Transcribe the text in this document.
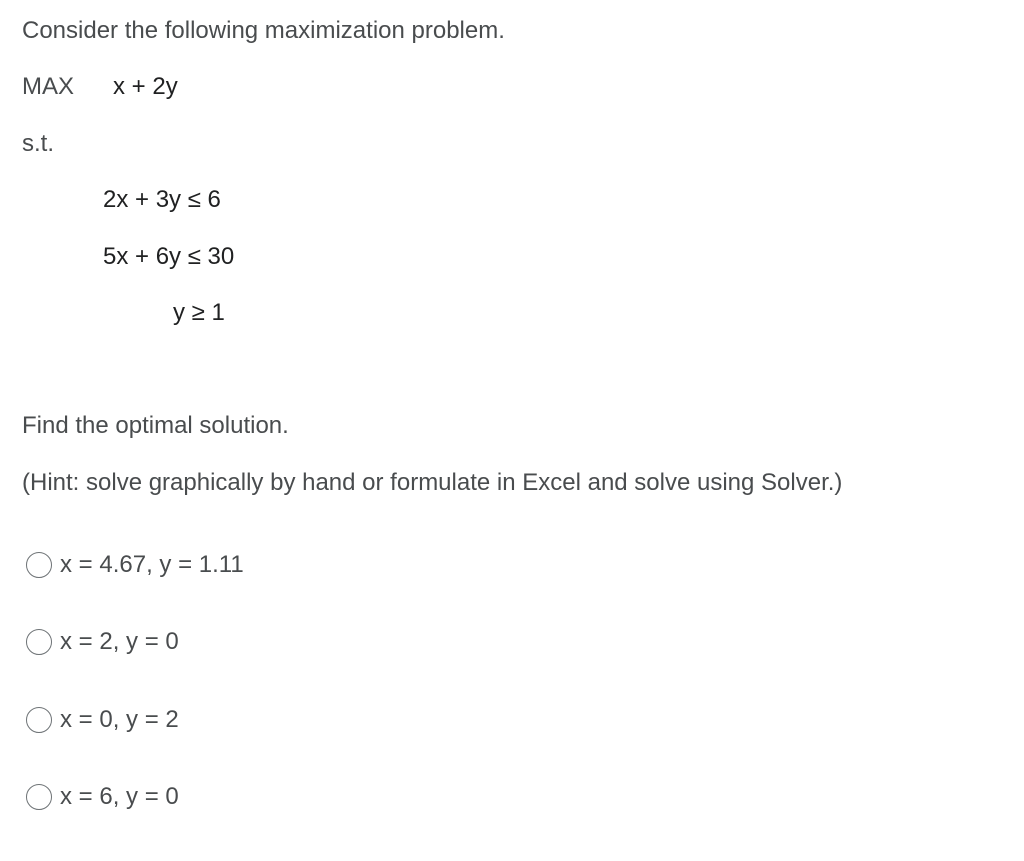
Consider the following maximization problem.
MAX x + 2y
s.t.
2x + 3y ≤ 6
5x + 6y ≤ 30
y ≥ 1
Find the optimal solution.
(Hint: solve graphically by hand or formulate in Excel and solve using Solver.)
x = 4.67, y = 1.11
x = 2, y = 0
x = 0, y = 2
x = 6, y = 0
